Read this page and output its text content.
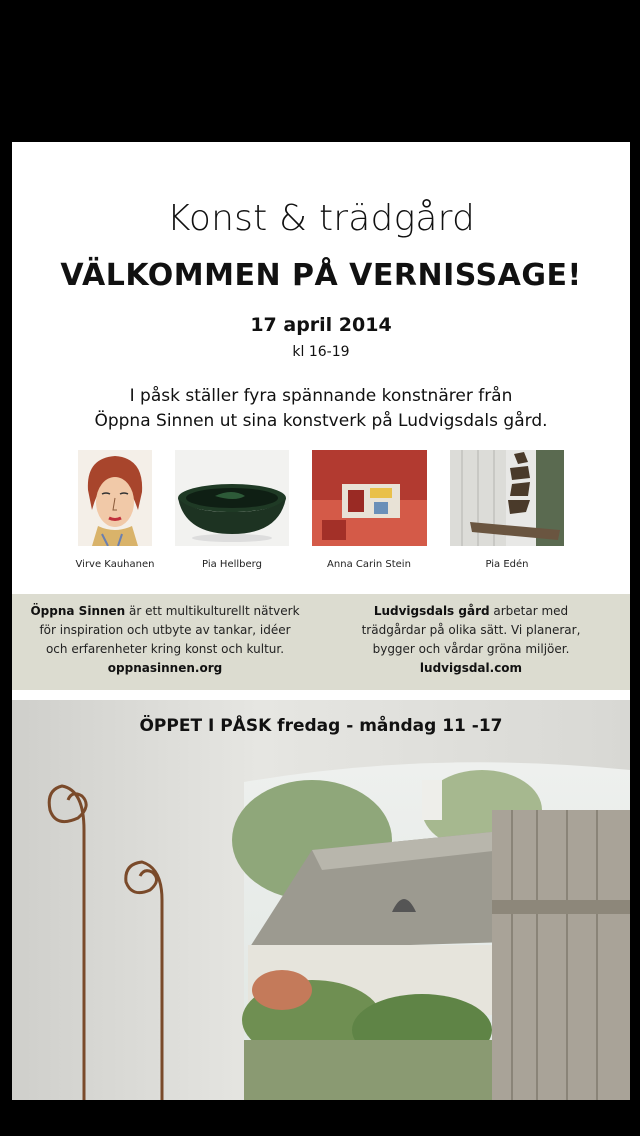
Konst & trädgård
VÄLKOMMEN PÅ VERNISSAGE!
17 april 2014
kl 16-19
I påsk ställer fyra spännande konstnärer från
Öppna Sinnen ut sina konstverk på Ludvigsdals gård.
Virve Kauhanen	Pia Hellberg	Anna Carin Stein	Pia Edén
Öppna Sinnen är ett multikulturellt nätverk
för inspiration och utbyte av tankar, idéer
och erfarenheter kring konst och kultur.
oppnasinnen.org
Ludvigsdals gård arbetar med
trädgårdar på olika sätt. Vi planerar,
bygger och vårdar gröna miljöer.
ludvigsdal.com
ÖPPET I PÅSK fredag - måndag 11 -17
